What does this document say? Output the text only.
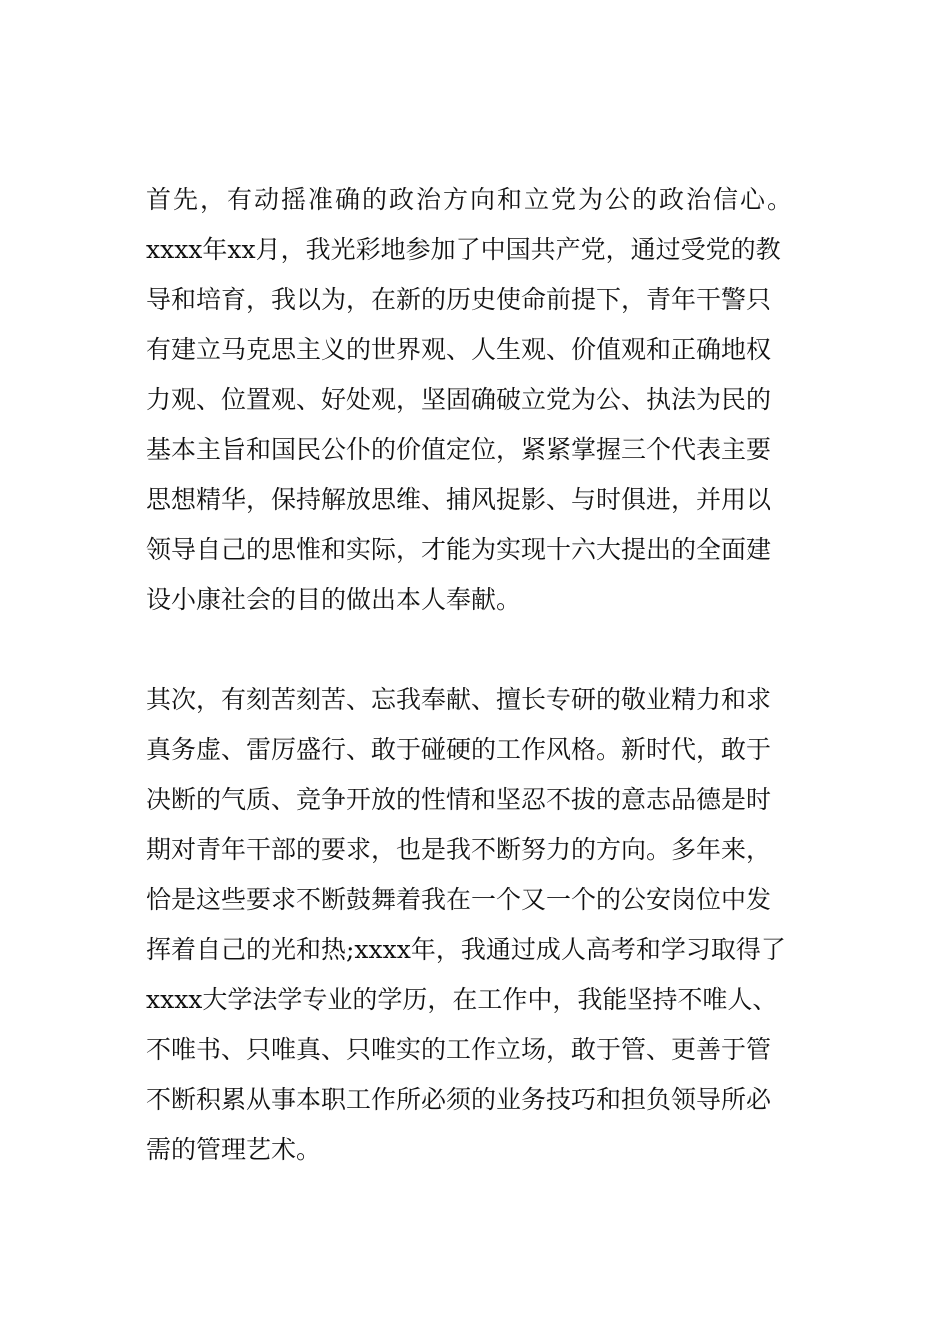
首先，有动摇准确的政治方向和立党为公的政治信心。
xxxx年xx月，我光彩地参加了中国共产党，通过受党的教
导和培育，我以为，在新的历史使命前提下，青年干警只
有建立马克思主义的世界观、人生观、价值观和正确地权
力观、位置观、好处观，坚固确破立党为公、执法为民的
基本主旨和国民公仆的价值定位，紧紧掌握三个代表主要
思想精华，保持解放思维、捕风捉影、与时俱进，并用以
领导自己的思惟和实际，才能为实现十六大提出的全面建
设小康社会的目的做出本人奉献。
其次，有刻苦刻苦、忘我奉献、擅长专研的敬业精力和求
真务虚、雷厉盛行、敢于碰硬的工作风格。新时代，敢于
决断的气质、竞争开放的性情和坚忍不拔的意志品德是时
期对青年干部的要求，也是我不断努力的方向。多年来，
恰是这些要求不断鼓舞着我在一个又一个的公安岗位中发
挥着自己的光和热;xxxx年，我通过成人高考和学习取得了
xxxx大学法学专业的学历，在工作中，我能坚持不唯人、
不唯书、只唯真、只唯实的工作立场，敢于管、更善于管
不断积累从事本职工作所必须的业务技巧和担负领导所必
需的管理艺术。
